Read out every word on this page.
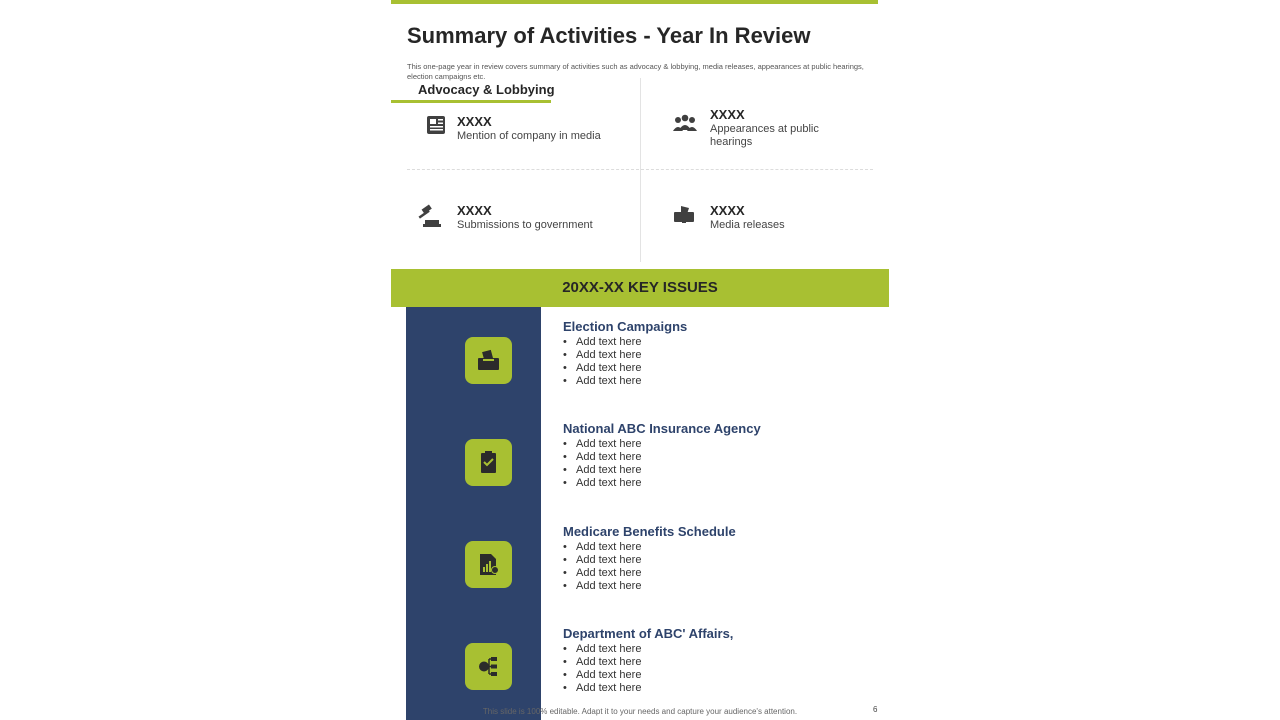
Summary of Activities - Year In Review
This one-page year in review covers summary of activities such as advocacy & lobbying, media releases, appearances at public hearings, election campaigns etc.
Advocacy & Lobbying
XXXX
Mention of company in media
XXXX
Appearances at public hearings
XXXX
Submissions to government
XXXX
Media releases
20XX-XX KEY ISSUES
Election Campaigns
• Add text here
• Add text here
• Add text here
• Add text here
National ABC Insurance Agency
• Add text here
• Add text here
• Add text here
• Add text here
Medicare Benefits Schedule
• Add text here
• Add text here
• Add text here
• Add text here
Department of ABC' Affairs,
• Add text here
• Add text here
• Add text here
• Add text here
This slide is 100% editable. Adapt it to your needs and capture your audience's attention.	6
